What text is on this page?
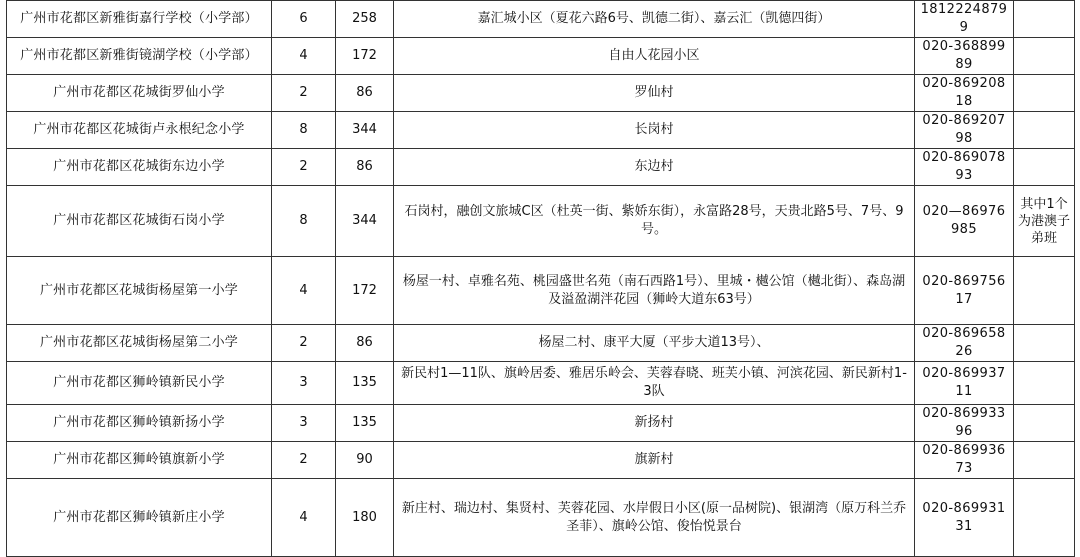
广州市花都区新雅街嘉行学校（小学部）	6	258	嘉汇城小区（夏花六路6号、凯德二街）、嘉云汇（凯德四街）	18122248799	
广州市花都区新雅街镜湖学校（小学部）	4	172	自由人花园小区	020-36889989	
广州市花都区花城街罗仙小学	2	86	罗仙村	020-86920818	
广州市花都区花城街卢永根纪念小学	8	344	长岗村	020-86920798	
广州市花都区花城街东边小学	2	86	东边村	020-86907893	
广州市花都区花城街石岗小学	8	344	石岗村，融创文旅城C区（杜英一街、紫娇东街），永富路28号，天贵北路5号、7号、9号。	020—86976985	其中1个为港澳子弟班
广州市花都区花城街杨屋第一小学	4	172	杨屋一村、卓雅名苑、桃园盛世名苑（南石西路1号）、里城・樾公馆（樾北街）、森岛湖及溢盈湖泮花园（狮岭大道东63号）	020-86975617	
广州市花都区花城街杨屋第二小学	2	86	杨屋二村、康平大厦（平步大道13号）、	020-86965826	
广州市花都区狮岭镇新民小学	3	135	新民村1—11队、旗岭居委、雅居乐岭会、芙蓉春晓、班芙小镇、河滨花园、新民新村1-3队	020-86993711	
广州市花都区狮岭镇新扬小学	3	135	新扬村	020-86993396	
广州市花都区狮岭镇旗新小学	2	90	旗新村	020-86993673	
广州市花都区狮岭镇新庄小学	4	180	新庄村、瑞边村、集贤村、芙蓉花园、水岸假日小区(原一品树院)、银湖湾（原万科兰乔圣菲）、旗岭公馆、俊怡悦景台	020-86993131	
